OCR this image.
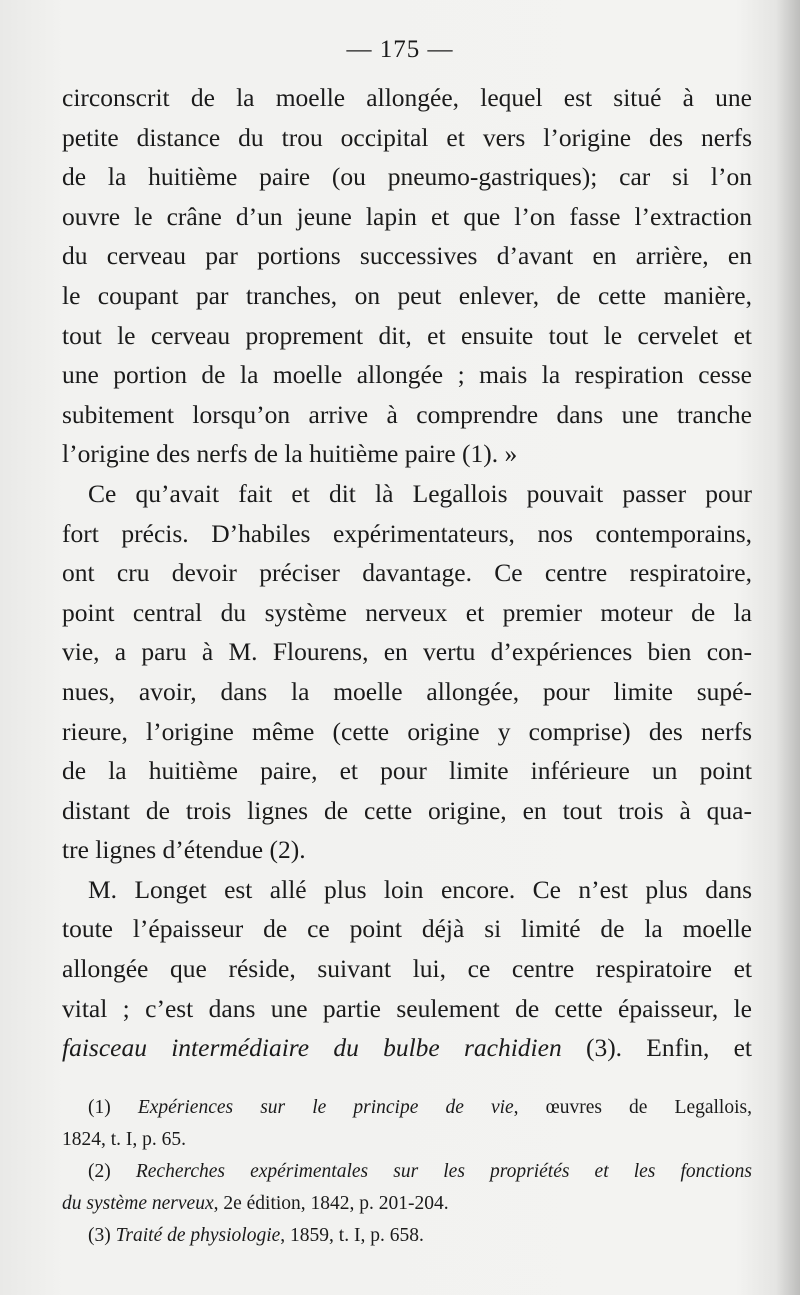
— 175 —
circonscrit de la moelle allongée, lequel est situé à une
petite distance du trou occipital et vers l’origine des nerfs
de la huitième paire (ou pneumo-gastriques); car si l’on
ouvre le crâne d’un jeune lapin et que l’on fasse l’extraction
du cerveau par portions successives d’avant en arrière, en
le coupant par tranches, on peut enlever, de cette manière,
tout le cerveau proprement dit, et ensuite tout le cervelet et
une portion de la moelle allongée ; mais la respiration cesse
subitement lorsqu’on arrive à comprendre dans une tranche
l’origine des nerfs de la huitième paire (1). »
Ce qu’avait fait et dit là Legallois pouvait passer pour
fort précis. D’habiles expérimentateurs, nos contemporains,
ont cru devoir préciser davantage. Ce centre respiratoire,
point central du système nerveux et premier moteur de la
vie, a paru à M. Flourens, en vertu d’expériences bien con-
nues, avoir, dans la moelle allongée, pour limite supé-
rieure, l’origine même (cette origine y comprise) des nerfs
de la huitième paire, et pour limite inférieure un point
distant de trois lignes de cette origine, en tout trois à qua-
tre lignes d’étendue (2).
M. Longet est allé plus loin encore. Ce n’est plus dans
toute l’épaisseur de ce point déjà si limité de la moelle
allongée que réside, suivant lui, ce centre respiratoire et
vital ; c’est dans une partie seulement de cette épaisseur, le
faisceau intermédiaire du bulbe rachidien (3). Enfin, et
(1) Expériences sur le principe de vie, œuvres de Legallois,
1824, t. I, p. 65.
(2) Recherches expérimentales sur les propriétés et les fonctions
du système nerveux, 2e édition, 1842, p. 201-204.
(3) Traité de physiologie, 1859, t. I, p. 658.
